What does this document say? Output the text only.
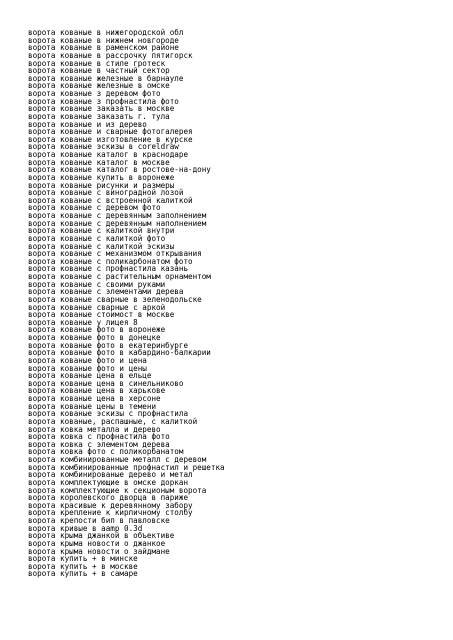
ворота кованые в нижегородской обл
ворота кованые в нижнем новгороде
ворота кованые в раменском районе
ворота кованые в рассрочку пятигорск
ворота кованые в стиле гротеск
ворота кованые в частный сектор
ворота кованые железные в барнауле
ворота кованые железные в омске
ворота кованые з деревом фото
ворота кованые з профнастила фото
ворота кованые заказать в москве
ворота кованые заказать г. тула
ворота кованые и из дерево
ворота кованые и сварные фотогалерея
ворота кованые изготовление в курске
ворота кованые эскизы в coreldraw
ворота кованые каталог в краснодаре
ворота кованые каталог в москве
ворота кованые каталог в ростове-на-дону
ворота кованые купить в воронеже
ворота кованые рисунки и размеры
ворота кованые с виноградной лозой
ворота кованые с встроенной калиткой
ворота кованые с деревом фото
ворота кованые с деревянным заполнением
ворота кованые с деревянным наполнением
ворота кованые с калиткой внутри
ворота кованые с калиткой фото
ворота кованые с калиткой эскизы
ворота кованые с механизмом открывания
ворота кованые с поликарбонатом фото
ворота кованые с профнастила казань
ворота кованые с растительным орнаментом
ворота кованые с своими руками
ворота кованые с элементами дерева
ворота кованые сварные в зеленодольске
ворота кованые сварные с аркой
ворота кованые стоимост в москве
ворота кованые у лицея 8
ворота кованые фото в воронеже
ворота кованые фото в донецке
ворота кованые фото в екатеринбурге
ворота кованые фото в кабардино-балкарии
ворота кованые фото и цена
ворота кованые фото и цены
ворота кованые цена в ельце
ворота кованые цена в синельниково
ворота кованые цена в харькове
ворота кованые цена в херсоне
ворота кованые цены в темени
ворота кованые эскизы с профнастила
ворота кованые, распашные, с калиткой
ворота ковка металла и дерево
ворота ковка с профнастила фото
ворота ковка с элементом дерева
ворота ковка фото с поликорбанатом
ворота комбинированные металл с деревом
ворота комбинированные профнастил и решетка
ворота комбинированые дерево и метал
ворота комплектующие в омске доркан
ворота комплектующие к секционым ворота
ворота королевского дворца в париже
ворота красивые к деревянному забору
ворота крепление к кирпичному столбу
ворота крепости бип в павловске
ворота кривые в aamp 0.3d
ворота крыма джанкой в объективе
ворота крыма новости о джанкое
ворота крыма новости о зайдмане
ворота купить + в минске
ворота купить + в москве
ворота купить + в самаре
